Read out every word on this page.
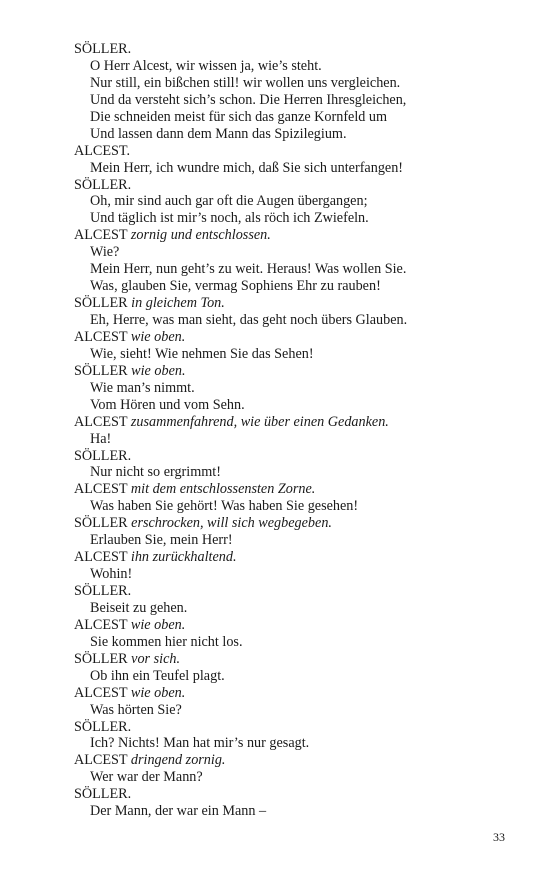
SÖLLER.
O Herr Alcest, wir wissen ja, wie’s steht.
Nur still, ein bißchen still! wir wollen uns vergleichen.
Und da versteht sich’s schon. Die Herren Ihresgleichen,
Die schneiden meist für sich das ganze Kornfeld um
Und lassen dann dem Mann das Spizilegium.
ALCEST.
Mein Herr, ich wundre mich, daß Sie sich unterfangen!
SÖLLER.
Oh, mir sind auch gar oft die Augen übergangen;
Und täglich ist mir’s noch, als röch ich Zwiefeln.
ALCEST zornig und entschlossen.
Wie?
Mein Herr, nun geht’s zu weit. Heraus! Was wollen Sie.
Was, glauben Sie, vermag Sophiens Ehr zu rauben!
SÖLLER in gleichem Ton.
Eh, Herre, was man sieht, das geht noch übers Glauben.
ALCEST wie oben.
Wie, sieht! Wie nehmen Sie das Sehen!
SÖLLER wie oben.
Wie man’s nimmt.
Vom Hören und vom Sehn.
ALCEST zusammenfahrend, wie über einen Gedanken.
Ha!
SÖLLER.
Nur nicht so ergrimmt!
ALCEST mit dem entschlossensten Zorne.
Was haben Sie gehört! Was haben Sie gesehen!
SÖLLER erschrocken, will sich wegbegeben.
Erlauben Sie, mein Herr!
ALCEST ihn zurückhaltend.
Wohin!
SÖLLER.
Beiseit zu gehen.
ALCEST wie oben.
Sie kommen hier nicht los.
SÖLLER vor sich.
Ob ihn ein Teufel plagt.
ALCEST wie oben.
Was hörten Sie?
SÖLLER.
Ich? Nichts! Man hat mir’s nur gesagt.
ALCEST dringend zornig.
Wer war der Mann?
SÖLLER.
Der Mann, der war ein Mann –
33
